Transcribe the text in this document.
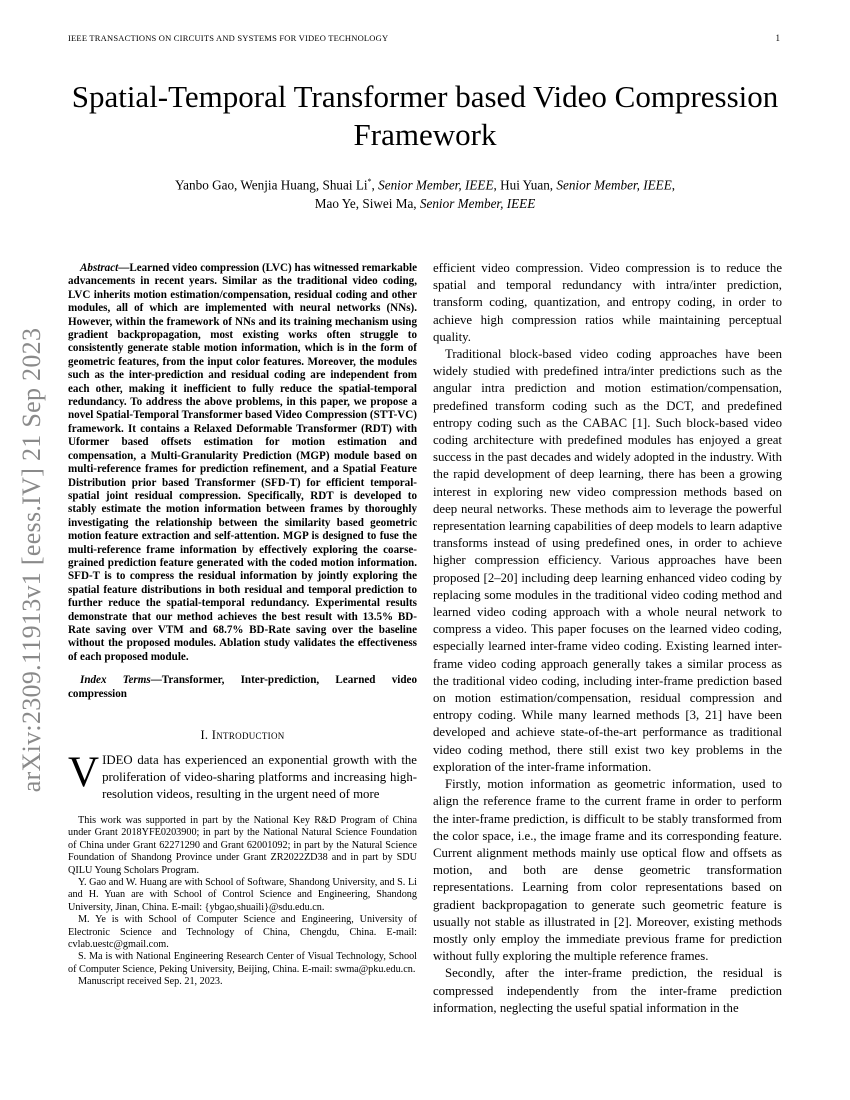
IEEE TRANSACTIONS ON CIRCUITS AND SYSTEMS FOR VIDEO TECHNOLOGY	1
arXiv:2309.11913v1 [eess.IV] 21 Sep 2023
Spatial-Temporal Transformer based Video Compression Framework
Yanbo Gao, Wenjia Huang, Shuai Li*, Senior Member, IEEE, Hui Yuan, Senior Member, IEEE,
Mao Ye, Siwei Ma, Senior Member, IEEE

Abstract—Learned video compression (LVC) has witnessed remarkable advancements in recent years. Similar as the traditional video coding, LVC inherits motion estimation/compensation, residual coding and other modules, all of which are implemented with neural networks (NNs). However, within the framework of NNs and its training mechanism using gradient backpropagation, most existing works often struggle to consistently generate stable motion information, which is in the form of geometric features, from the input color features. Moreover, the modules such as the inter-prediction and residual coding are independent from each other, making it inefficient to fully reduce the spatial-temporal redundancy. To address the above problems, in this paper, we propose a novel Spatial-Temporal Transformer based Video Compression (STT-VC) framework. It contains a Relaxed Deformable Transformer (RDT) with Uformer based offsets estimation for motion estimation and compensation, a Multi-Granularity Prediction (MGP) module based on multi-reference frames for prediction refinement, and a Spatial Feature Distribution prior based Transformer (SFD-T) for efficient temporal-spatial joint residual compression. Specifically, RDT is developed to stably estimate the motion information between frames by thoroughly investigating the relationship between the similarity based geometric motion feature extraction and self-attention. MGP is designed to fuse the multi-reference frame information by effectively exploring the coarse-grained prediction feature generated with the coded motion information. SFD-T is to compress the residual information by jointly exploring the spatial feature distributions in both residual and temporal prediction to further reduce the spatial-temporal redundancy. Experimental results demonstrate that our method achieves the best result with 13.5% BD-Rate saving over VTM and 68.7% BD-Rate saving over the baseline without the proposed modules. Ablation study validates the effectiveness of each proposed module.

Index Terms—Transformer, Inter-prediction, Learned video compression

I. Introduction

VIDEO data has experienced an exponential growth with the proliferation of video-sharing platforms and increasing high-resolution videos, resulting in the urgent need of more

This work was supported in part by the National Key R&D Program of China under Grant 2018YFE0203900; in part by the National Natural Science Foundation of China under Grant 62271290 and Grant 62001092; in part by the Natural Science Foundation of Shandong Province under Grant ZR2022ZD38 and in part by SDU QILU Young Scholars Program.

Y. Gao and W. Huang are with School of Software, Shandong University, and S. Li and H. Yuan are with School of Control Science and Engineering, Shandong University, Jinan, China. E-mail: {ybgao,shuaili}@sdu.edu.cn.

M. Ye is with School of Computer Science and Engineering, University of Electronic Science and Technology of China, Chengdu, China. E-mail: cvlab.uestc@gmail.com.

S. Ma is with National Engineering Research Center of Visual Technology, School of Computer Science, Peking University, Beijing, China. E-mail: swma@pku.edu.cn.

Manuscript received Sep. 21, 2023.

efficient video compression. Video compression is to reduce the spatial and temporal redundancy with intra/inter prediction, transform coding, quantization, and entropy coding, in order to achieve high compression ratios while maintaining perceptual quality.

Traditional block-based video coding approaches have been widely studied with predefined intra/inter predictions such as the angular intra prediction and motion estimation/compensation, predefined transform coding such as the DCT, and predefined entropy coding such as the CABAC [1]. Such block-based video coding architecture with predefined modules has enjoyed a great success in the past decades and widely adopted in the industry. With the rapid development of deep learning, there has been a growing interest in exploring new video compression methods based on deep neural networks. These methods aim to leverage the powerful representation learning capabilities of deep models to learn adaptive transforms instead of using predefined ones, in order to achieve higher compression efficiency. Various approaches have been proposed [2–20] including deep learning enhanced video coding by replacing some modules in the traditional video coding method and learned video coding approach with a whole neural network to compress a video. This paper focuses on the learned video coding, especially learned inter-frame video coding. Existing learned inter-frame video coding approach generally takes a similar process as the traditional video coding, including inter-frame prediction based on motion estimation/compensation, residual compression and entropy coding. While many learned methods [3, 21] have been developed and achieve state-of-the-art performance as traditional video coding method, there still exist two key problems in the exploration of the inter-frame information.

Firstly, motion information as geometric information, used to align the reference frame to the current frame in order to perform the inter-frame prediction, is difficult to be stably transformed from the color space, i.e., the image frame and its corresponding feature. Current alignment methods mainly use optical flow and offsets as motion, and both are dense geometric transformation representations. Learning from color representations based on gradient backpropagation to generate such geometric feature is usually not stable as illustrated in [2]. Moreover, existing methods mostly only employ the immediate previous frame for prediction without fully exploring the multiple reference frames.

Secondly, after the inter-frame prediction, the residual is compressed independently from the inter-frame prediction information, neglecting the useful spatial information in the
